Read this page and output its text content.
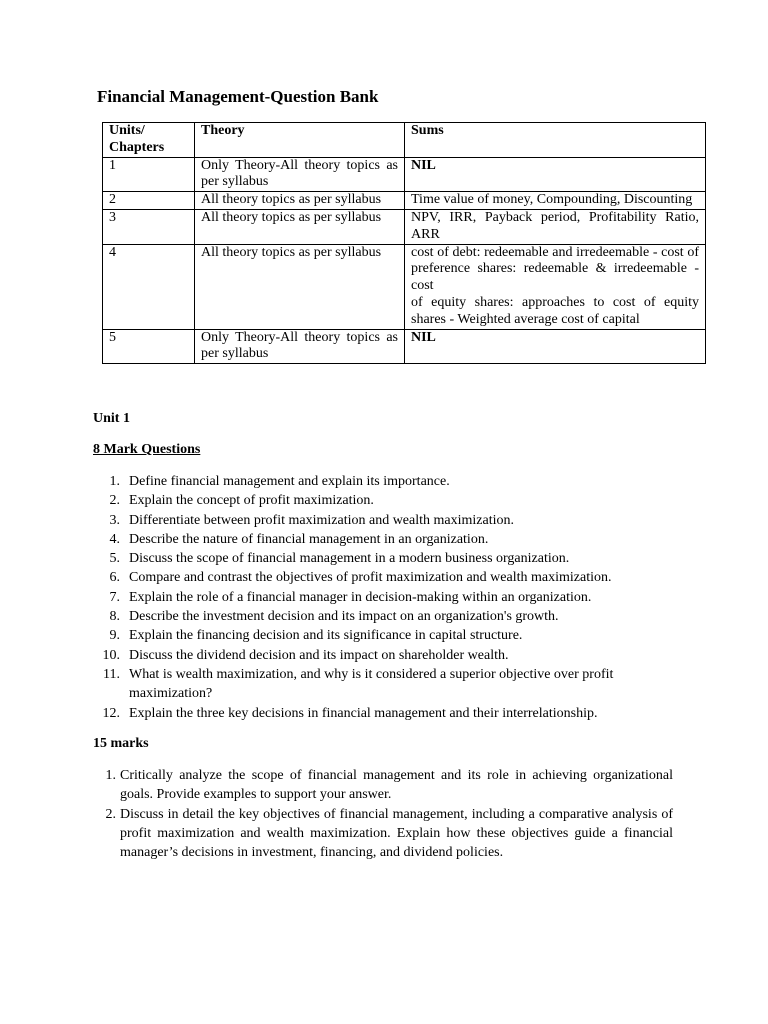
Financial Management-Question Bank
Units/ Chapters	Theory	Sums
1	Only Theory-All theory topics as per syllabus	NIL
2	All theory topics as per syllabus	Time value of money, Compounding, Discounting
3	All theory topics as per syllabus	NPV, IRR, Payback period, Profitability Ratio, ARR
4	All theory topics as per syllabus	cost of debt: redeemable and irredeemable - cost of preference shares: redeemable & irredeemable - cost
of equity shares: approaches to cost of equity shares - Weighted average cost of capital

5	Only Theory-All theory topics as per syllabus	NIL
Unit 1
8 Mark Questions
1. Define financial management and explain its importance.
2. Explain the concept of profit maximization.
3. Differentiate between profit maximization and wealth maximization.
4. Describe the nature of financial management in an organization.
5. Discuss the scope of financial management in a modern business organization.
6. Compare and contrast the objectives of profit maximization and wealth maximization.
7. Explain the role of a financial manager in decision-making within an organization.
8. Describe the investment decision and its impact on an organization's growth.
9. Explain the financing decision and its significance in capital structure.
10. Discuss the dividend decision and its impact on shareholder wealth.
11. What is wealth maximization, and why is it considered a superior objective over profit maximization?
12. Explain the three key decisions in financial management and their interrelationship.
15 marks
1. Critically analyze the scope of financial management and its role in achieving organizational goals. Provide examples to support your answer.
2. Discuss in detail the key objectives of financial management, including a comparative analysis of profit maximization and wealth maximization. Explain how these objectives guide a financial manager’s decisions in investment, financing, and dividend policies.
